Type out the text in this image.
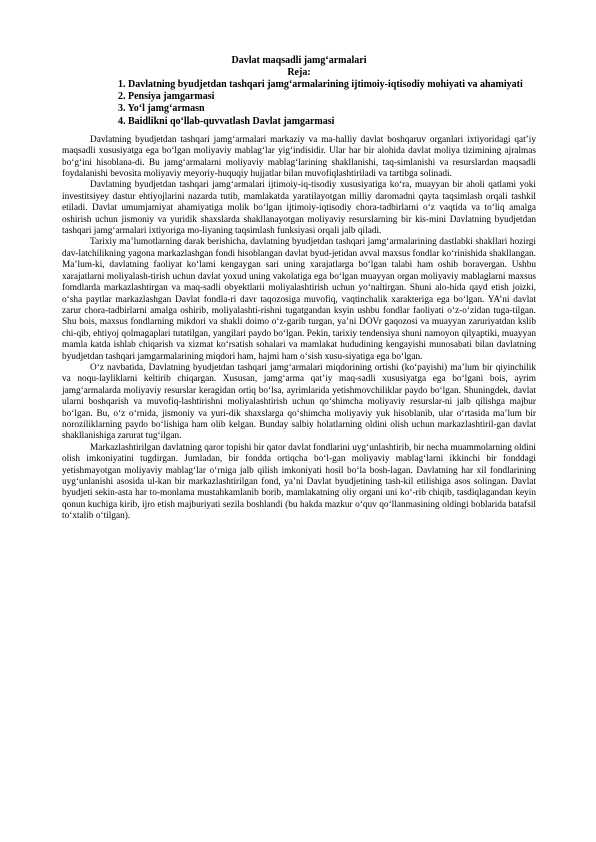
Davlat maqsadli jamg‘armalari

Reja:

1. Davlatning byudjetdan tashqari jamg‘armalarining ijtimoiy-iqtisodiy mohiyati va ahamiyati
2. Pensiya jamgarmasi
3. Yo‘l jamg‘armasn
4. Baidlikni qo‘llab-quvvatlash Davlat jamgarmasi

Davlatning byudjetdan tashqari jamg‘armalari markaziy va ma-halliy davlat boshqaruv organlari ixtiyoridagi qat’iy maqsadli xususiyatga ega bo‘lgan moliyaviy mablag‘lar yig‘indisidir. Ular har bir alohida davlat moliya tizimining ajralmas bo‘g‘ini hisoblana-di. Bu jamg‘armalarni moliyaviy mablag‘larining shakllanishi, taq-simlanishi va resurslardan maqsadli foydalanishi bevosita moliyaviy meyoriy-huquqiy hujjatlar bilan muvofiqlashtiriladi va tartibga solinadi.

Davlatning byudjetdan tashqari jamg‘armalari ijtimoiy-iq-tisodiy xususiyatiga ko‘ra, muayyan bir aholi qatlami yoki investitsiyey dastur ehtiyojlarini nazarda tutib, mamlakatda yaratilayotgan milliy daromadni qayta taqsimlash orqali tashkil etiladi. Davlat umumjamiyat ahamiyatiga molik bo‘lgan ijtimoiy-iqtisodiy chora-tadbirlarni o‘z vaqtida va to‘liq amalga oshirish uchun jismoniy va yuridik shaxslarda shakllanayotgan moliyaviy resurslarning bir kis-mini Davlatning byudjetdan tashqari jamg‘armalari ixtiyoriga mo-liyaning taqsimlash funksiyasi orqali jalb qiladi.

Tarixiy ma’lumotlarning darak berishicha, davlatning byudjetdan tashqari jamg‘armalarining dastlabki shakllari hozirgi dav-latchilikning yagona markazlashgan fondi hisoblangan davlat byud-jetidan avval maxsus fondlar ko‘rinishida shakllangan. Ma’lum-ki, davlatning faoliyat ko‘lami kengaygan sari uning xarajatlarga bo‘lgan talabi ham oshib boravergan. Ushbu xarajatlarni moliyalash-tirish uchun davlat yoxud uning vakolatiga ega bo‘lgan muayyan organ moliyaviy mablaglarni maxsus fomdlarda markazlashtirgan va maq-sadli obyektlarii moliyalashtirish uchun yo‘naltirgan. Shuni alo-hida qayd etish joizki, o‘sha paytlar markazlashgan Davlat fondla-ri davr taqozosiga muvofiq, vaqtinchalik xarakteriga ega bo‘lgan. YA’ni davlat zarur chora-tadbirlarni amalga oshirib, moliyalashti-rishni tugatgandan ksyin ushbu fondlar faoliyati o‘z-o‘zidan tuga-tilgan. Shu bois, maxsus fondlarning mikdori va shakli doimo o‘z-garib turgan, ya’ni DOVr gaqozosi va muayyan zaruriyatdan kslib chi-qib, ehtiyoj qolmagaplari tutatilgan, yangilari paydo bo‘lgan. Pekin, tarixiy tendensiya shuni namoyon qilyaptiki, muayyan mamla katda ishlab chiqarish va xizmat ko‘rsatish sohalari va mamlakat hududining kengayishi munosabati bilan davlatning byudjetdan tashqari jamgarmalarining miqdori ham, hajmi ham o‘sish xusu-siyatiga ega bo‘lgan.

O‘z navbatida, Davlatning byudjetdan tashqari jamg‘armalari miqdorining ortishi (ko‘payishi) ma’lum bir qiyinchilik va noqu-layliklarni keltirib chiqargan. Xususan, jamg‘arma qat’iy maq-sadli xususiyatga ega bo‘lgani bois, ayrim jamg‘armalarda moliyaviy resurslar keragidan ortiq bo‘lsa, ayrimlarida yetishmovchiliklar paydo bo‘lgan. Shuningdek, davlat ularni boshqarish va muvofiq-lashtirishni moliyalashtirish uchun qo‘shimcha moliyaviy resurslar-ni jalb qilishga majbur bo‘lgan. Bu, o‘z o‘rnida, jismoniy va yuri-dik shaxslarga qo‘shimcha moliyaviy yuk hisoblanib, ular o‘rtasida ma’lum bir noroziliklarning paydo bo‘lishiga ham olib kelgan. Bunday salbiy holatlarning oldini olish uchun markazlashtiril-gan davlat shakllanishiga zarurat tug‘ilgan.

Markazlashtirilgan davlatning qaror topishi bir qator davlat fondlarini uyg‘unlashtirib, bir necha muammolarning oldini olish imkoniyatini tugdirgan. Jumladan, bir fondda ortiqcha bo‘l-gan moliyaviy mablag‘larni ikkinchi bir fonddagi yetishmayotgan moliyaviy mablag‘lar o‘rniga jalb qilish imkoniyati hosil bo‘la bosh-lagan. Davlatning har xil fondlarining uyg‘unlanishi asosida ul-kan bir markazlashtirilgan fond, ya’ni Davlat byudjetining tash-kil etilishiga asos solingan. Davlat byudjeti sekin-asta har to-monlama mustahkamlanib borib, mamlakatning oliy organi uni ko‘-rib chiqib, tasdiqlagandan keyin qonun kuchiga kirib, ijro etish majburiyati sezila boshlandi (bu hakda mazkur o‘quv qo‘llanmasining oldingi boblarida batafsil to‘xtalib o‘tilgan).
